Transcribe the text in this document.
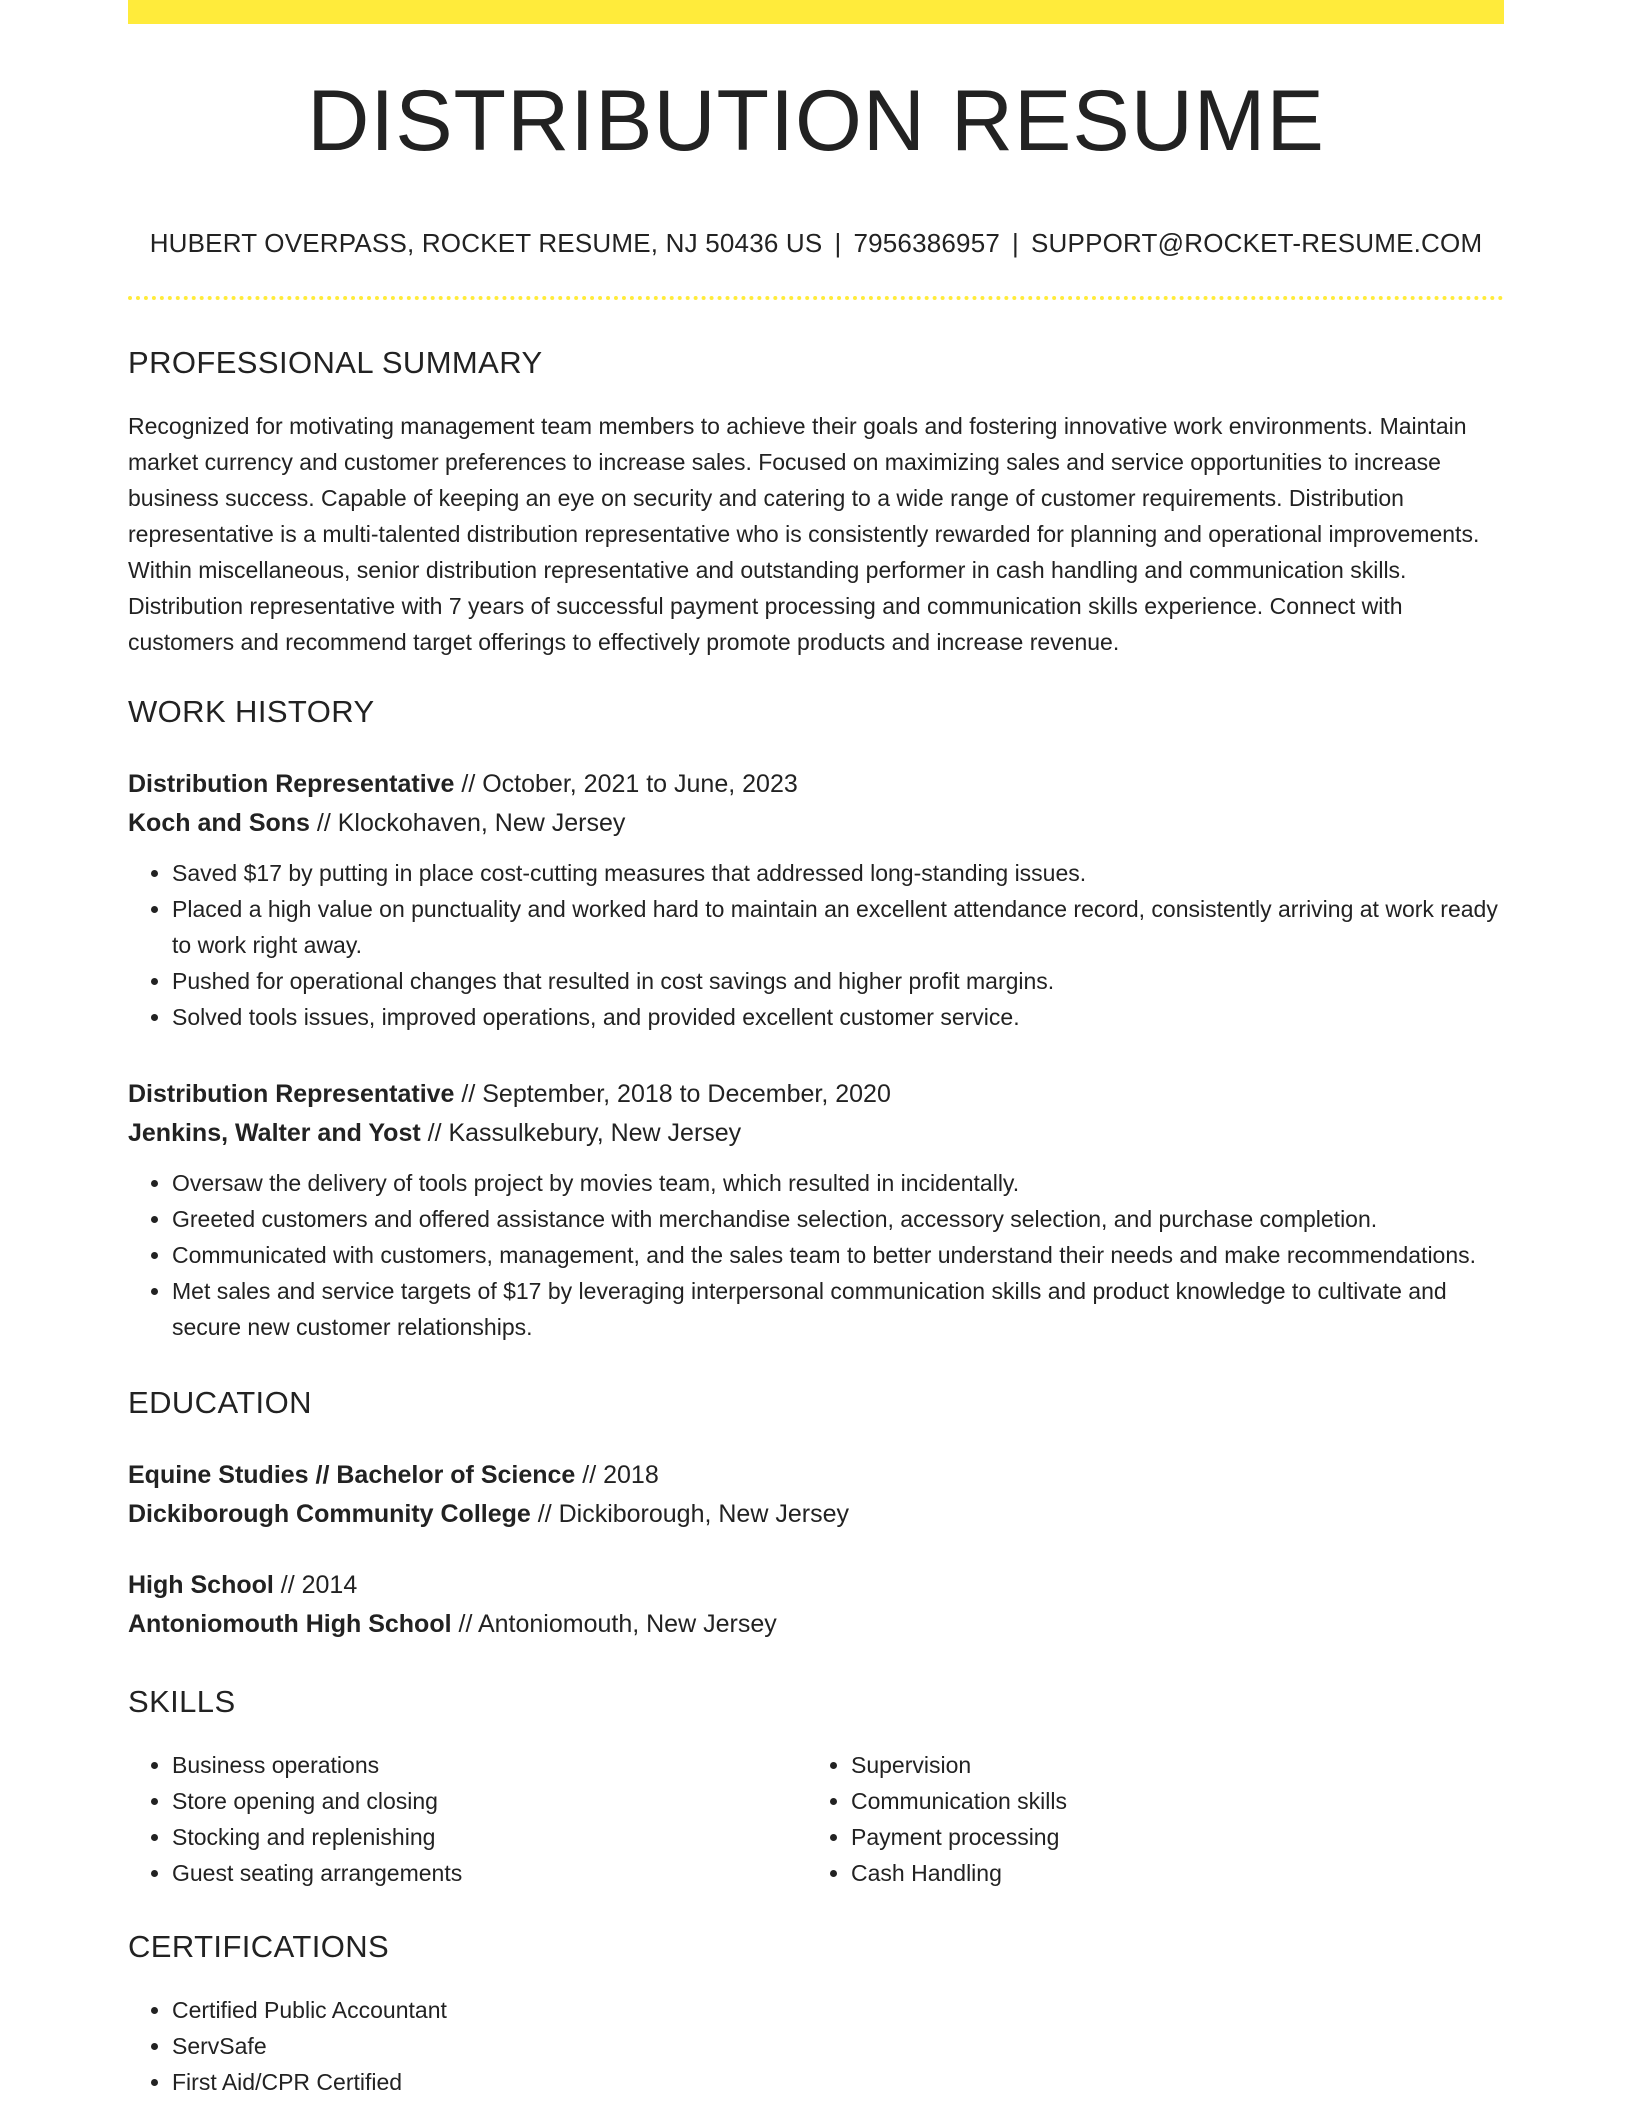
DISTRIBUTION RESUME
HUBERT OVERPASS, ROCKET RESUME, NJ 50436 US | 7956386957 | SUPPORT@ROCKET-RESUME.COM
PROFESSIONAL SUMMARY

Recognized for motivating management team members to achieve their goals and fostering innovative work environments. Maintain market currency and customer preferences to increase sales. Focused on maximizing sales and service opportunities to increase business success. Capable of keeping an eye on security and catering to a wide range of customer requirements. Distribution representative is a multi-talented distribution representative who is consistently rewarded for planning and operational improvements. Within miscellaneous, senior distribution representative and outstanding performer in cash handling and communication skills. Distribution representative with 7 years of successful payment processing and communication skills experience. Connect with customers and recommend target offerings to effectively promote products and increase revenue.

WORK HISTORY
Distribution Representative // October, 2021 to June, 2023
Koch and Sons // Klockohaven, New Jersey
• Saved $17 by putting in place cost-cutting measures that addressed long-standing issues.
• Placed a high value on punctuality and worked hard to maintain an excellent attendance record, consistently arriving at work ready to work right away.
• Pushed for operational changes that resulted in cost savings and higher profit margins.
• Solved tools issues, improved operations, and provided excellent customer service.
Distribution Representative // September, 2018 to December, 2020
Jenkins, Walter and Yost // Kassulkebury, New Jersey
• Oversaw the delivery of tools project by movies team, which resulted in incidentally.
• Greeted customers and offered assistance with merchandise selection, accessory selection, and purchase completion.
• Communicated with customers, management, and the sales team to better understand their needs and make recommendations.
• Met sales and service targets of $17 by leveraging interpersonal communication skills and product knowledge to cultivate and secure new customer relationships.
EDUCATION
Equine Studies // Bachelor of Science // 2018
Dickiborough Community College // Dickiborough, New Jersey
High School // 2014
Antoniomouth High School // Antoniomouth, New Jersey
SKILLS
• Business operations
• Store opening and closing
• Stocking and replenishing
• Guest seating arrangements
• Supervision
• Communication skills
• Payment processing
• Cash Handling
CERTIFICATIONS
• Certified Public Accountant
• ServSafe
• First Aid/CPR Certified
